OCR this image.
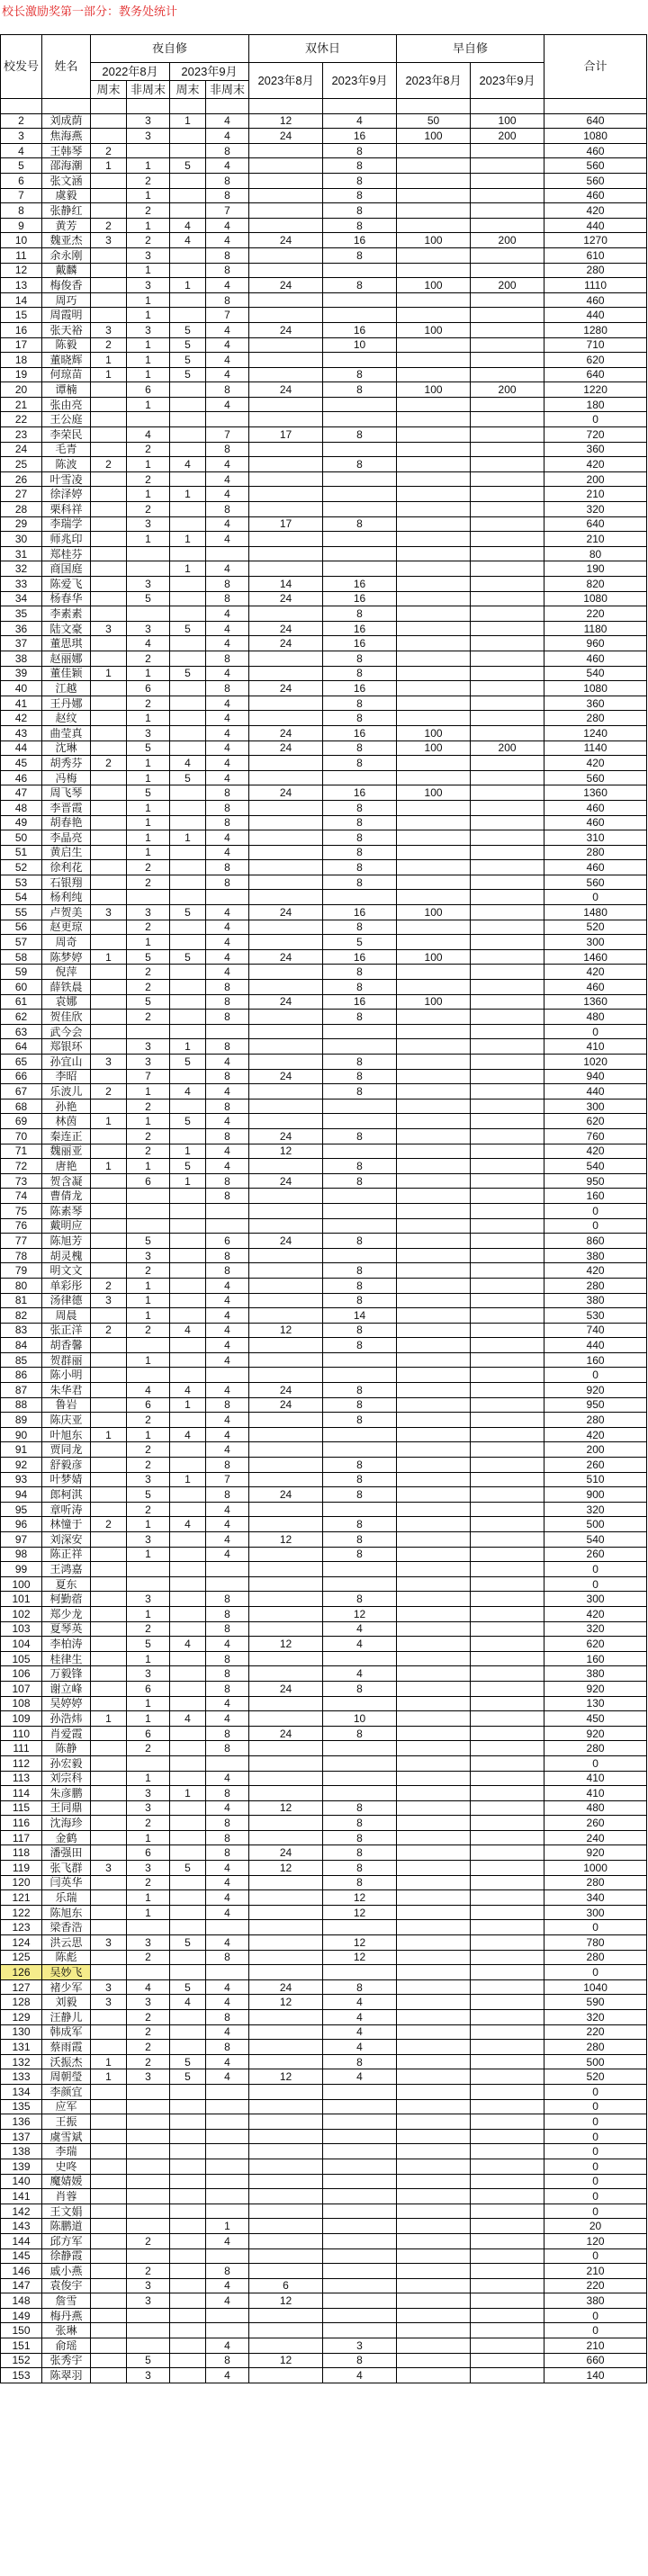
校长激励奖第一部分：教务处统计
校发号	姓名	夜自修				双休日		早自修		合计
		2022年8月		2023年9月		2023年8月	2023年9月	2023年8月	2023年9月	
		周末	非周末	周末	非周末					

2	刘成荫		3	1	4	12	4	50	100	640
3	焦海燕		3		4	24	16	100	200	1080
4	王韩琴	2			8		8			460
5	邵海潮	1	1	5	4		8			560
6	张文涵		2		8		8			560
7	虞毅		1		8		8			460
8	张静红		2		7		8			420
9	黄芳	2	1	4	4		8			440
10	魏亚杰	3	2	4	4	24	16	100	200	1270
11	余永刚		3		8		8			610
12	戴麟		1		8					280
13	梅俊香		3	1	4	24	8	100	200	1110
14	周巧		1		8					460
15	周霞明		1		7					440
16	张天裕	3	3	5	4	24	16	100		1280
17	陈毅	2	1	5	4		10			710
18	董晓辉	1	1	5	4					620
19	何琼苗	1	1	5	4		8			640
20	谭楠		6		8	24	8	100	200	1220
21	张由亮		1		4					180
22	王公庭									0
23	李荣民		4		7	17	8			720
24	毛青		2		8					360
25	陈波	2	1	4	4		8			420
26	叶雪凌		2		4					200
27	徐泽婷		1	1	4					210
28	栗科祥		2		8					320
29	李瑞学		3		4	17	8			640
30	师兆印		1	1	4					210
31	郑桂芬									80
32	商国庭			1	4					190
33	陈爱飞		3		8	14	16			820
34	杨春华		5		8	24	16			1080
35	李素素				4		8			220
36	陆文豪	3	3	5	4	24	16			1180
37	董思琪		4		4	24	16			960
38	赵丽娜		2		8		8			460
39	董佳颖	1	1	5	4		8			540
40	江越		6		8	24	16			1080
41	王丹娜		2		4		8			360
42	赵纹		1		4		8			280
43	曲莹真		3		4	24	16	100		1240
44	沈琳		5		4	24	8	100	200	1140
45	胡秀芬	2	1	4	4		8			420
46	冯梅		1	5	4					560
47	周飞琴		5		8	24	16	100		1360
48	李晋霞		1		8		8			460
49	胡春艳		1		8		8			460
50	李晶亮		1	1	4		8			310
51	黄启生		1		4		8			280
52	徐利花		2		8		8			460
53	石银翔		2		8		8			560
54	杨利纯									0
55	卢贺美	3	3	5	4	24	16	100		1480
56	赵更琼		2		4		8			520
57	周奇		1		4		5			300
58	陈梦婷	1	5	5	4	24	16	100		1460
59	倪萍		2		4		8			420
60	薛铁晨		2		8		8			460
61	袁娜		5		8	24	16	100		1360
62	贺佳欣		2		8		8			480
63	武今会									0
64	郑银环		3	1	8					410
65	孙宜山	3	3	5	4		8			1020
66	李昭		7		8	24	8			940
67	乐波儿	2	1	4	4		8			440
68	孙艳		2		8					300
69	林茵	1	1	5	4					620
70	秦连正		2		8	24	8			760
71	魏丽亚		2	1	4	12				420
72	唐艳	1	1	5	4		8			540
73	贺含凝		6	1	8	24	8			950
74	曹倩龙				8					160
75	陈素琴									0
76	戴明应									0
77	陈旭芳		5		6	24	8			860
78	胡灵槐		3		8					380
79	明文文		2		8		8			420
80	单彩彤	2	1		4		8			280
81	汤律德	3	1		4		8			380
82	周晨		1		4		14			530
83	张正洋	2	2	4	4	12	8			740
84	胡香馨				4		8			440
85	贺群丽		1		4					160
86	陈小明									0
87	朱华君		4	4	4	24	8			920
88	鲁岩		6	1	8	24	8			950
89	陈庆亚		2		4		8			280
90	叶旭东	1	1	4	4					420
91	贾同龙		2		4					200
92	舒毅彦		2		8		8			260
93	叶梦婧		3	1	7		8			510
94	郎柯淇		5		8	24	8			900
95	章听涛		2		4					320
96	林憧于	2	1	4	4		8			500
97	刘深安		3		4	12	8			540
98	陈正祥		1		4		8			260
99	王鸿嘉									0
100	夏东									0
101	柯勤蓿		3		8		8			300
102	郑少龙		1		8		12			420
103	夏琴英		2		8		4			320
104	李柏涛		5	4	4	12	4			620
105	桂律生		1		8					160
106	万毅锋		3		8		4			380
107	谢立峰		6		8	24	8			920
108	吴婷婷		1		4					130
109	孙浩炜	1	1	4	4		10			450
110	肖爱霞		6		8	24	8			920
111	陈静		2		8					280
112	孙宏毅									0
113	刘宗科		1		4					410
114	朱彦鹏		3	1	8					410
115	王同鼎		3		4	12	8			480
116	沈海珍		2		8		8			260
117	金鹤		1		8		8			240
118	潘强田		6		8	24	8			920
119	张飞群	3	3	5	4	12	8			1000
120	闫英华		2		4		8			280
121	乐瑞		1		4		12			340
122	陈旭东		1		4		12			300
123	梁香浩									0
124	洪云思	3	3	5	4		12			780
125	陈彪		2		8		12			280
126	吴妙飞									0
127	褚少军	3	4	5	4	24	8			1040
128	刘毅	3	3	4	4	12	4			590
129	汪静儿		2		8		4			320
130	韩成军		2		4		4			220
131	蔡雨霞		2		8		4			280
132	沃振杰	1	2	5	4		8			500
133	周朝瑩	1	3	5	4	12	4			520
134	李颜宜									0
135	应军									0
136	王振									0
137	虞雪斌									0
138	李瑞									0
139	史咚									0
140	魔婧媛									0
141	肖蓉									0
142	王文娟									0
143	陈鹏道				1					20
144	邱方军		2		4					120
145	徐静霞									0
146	戚小燕		2		8					210
147	袁俊宇		3		4	6				220
148	詹雪		3		4	12				380
149	梅丹燕									0
150	张琳									0
151	俞瑶				4		3			210
152	张秀宇		5		8	12	8			660
153	陈翠羽		3		4		4			140
